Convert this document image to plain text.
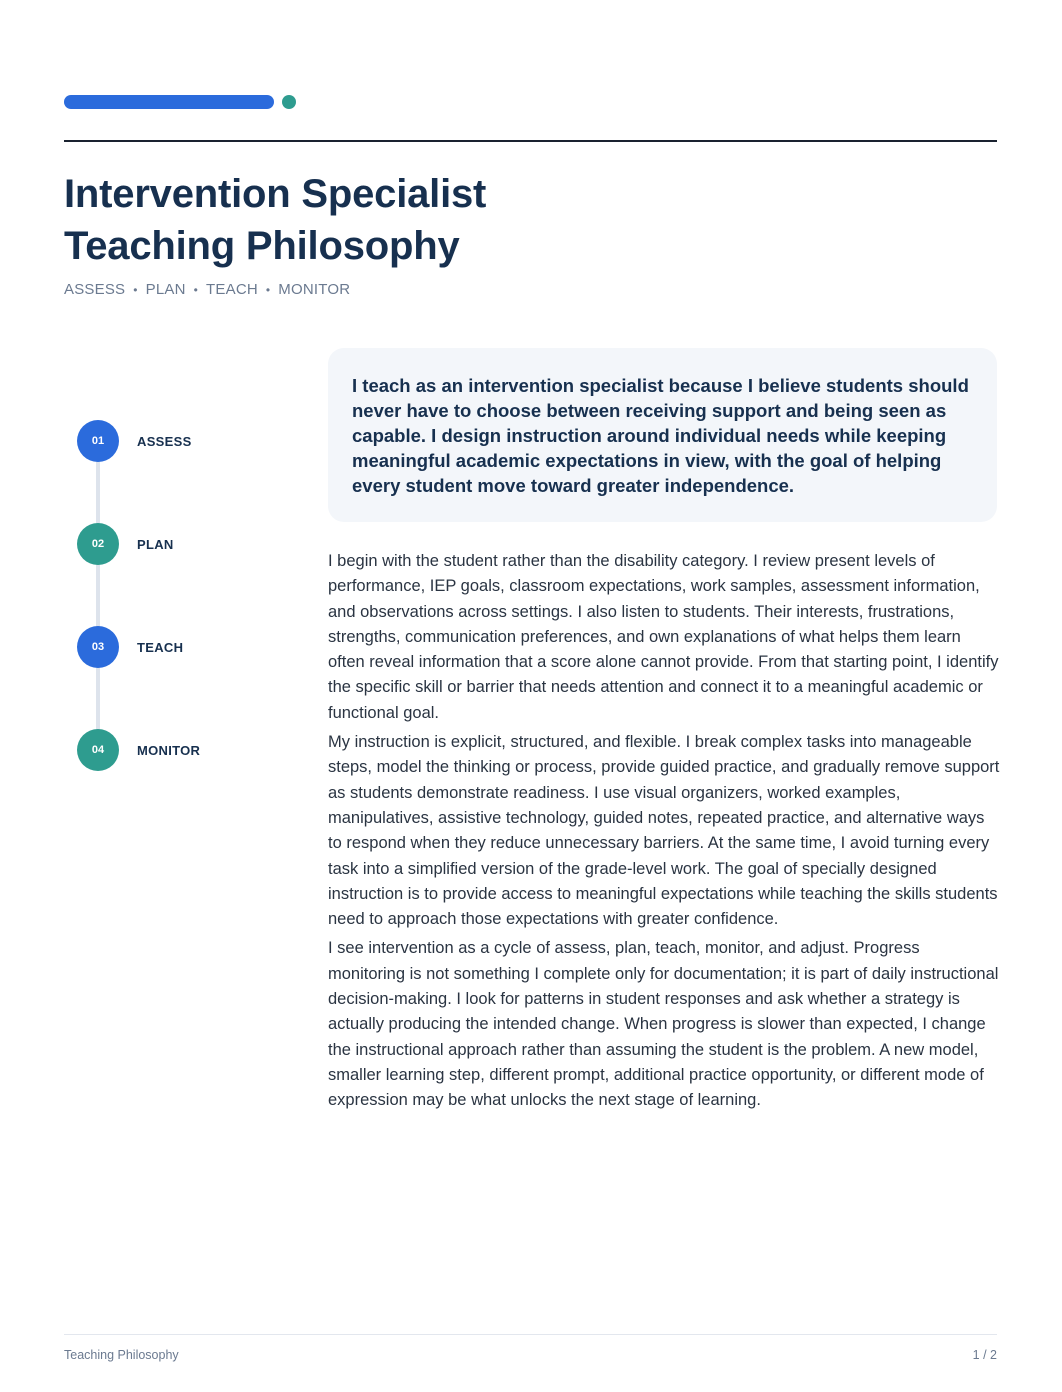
Intervention Specialist
Teaching Philosophy
ASSESS • PLAN • TEACH • MONITOR
01	ASSESS
02	PLAN
03	TEACH
04	MONITOR

I teach as an intervention specialist because I believe students should never have to choose between receiving support and being seen as capable. I design instruction around individual needs while keeping meaningful academic expectations in view, with the goal of helping every student move toward greater independence.

I begin with the student rather than the disability category. I review present levels of performance, IEP goals, classroom expectations, work samples, assessment information, and observations across settings. I also listen to students. Their interests, frustrations, strengths, communication preferences, and own explanations of what helps them learn often reveal information that a score alone cannot provide. From that starting point, I identify the specific skill or barrier that needs attention and connect it to a meaningful academic or functional goal.

My instruction is explicit, structured, and flexible. I break complex tasks into manageable steps, model the thinking or process, provide guided practice, and gradually remove support as students demonstrate readiness. I use visual organizers, worked examples, manipulatives, assistive technology, guided notes, repeated practice, and alternative ways to respond when they reduce unnecessary barriers. At the same time, I avoid turning every task into a simplified version of the grade-level work. The goal of specially designed instruction is to provide access to meaningful expectations while teaching the skills students need to approach those expectations with greater confidence.

I see intervention as a cycle of assess, plan, teach, monitor, and adjust. Progress monitoring is not something I complete only for documentation; it is part of daily instructional decision-making. I look for patterns in student responses and ask whether a strategy is actually producing the intended change. When progress is slower than expected, I change the instructional approach rather than assuming the student is the problem. A new model, smaller learning step, different prompt, additional practice opportunity, or different mode of expression may be what unlocks the next stage of learning.

Teaching Philosophy	1 / 2
